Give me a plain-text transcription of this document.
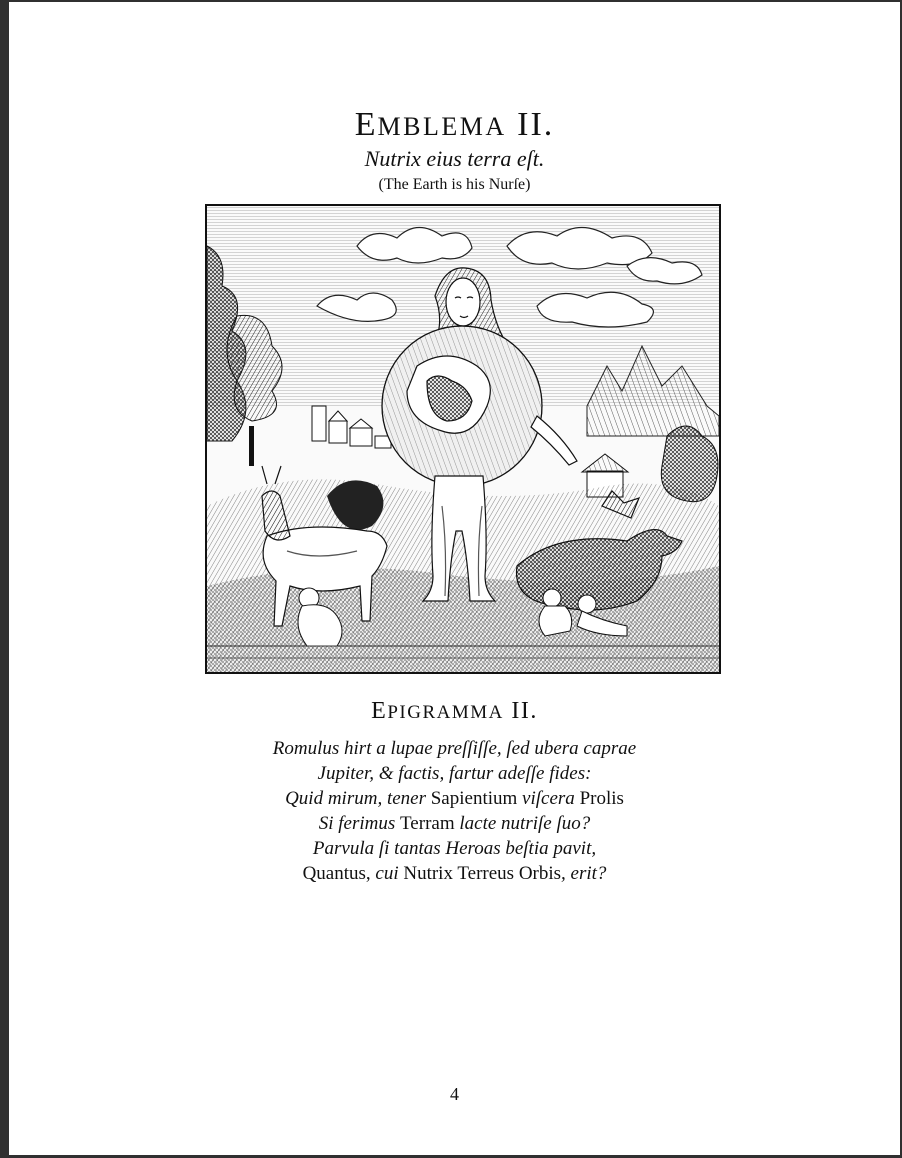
EMBLEMA II.
Nutrix eius terra eſt.
(The Earth is his Nurſe)
EPIGRAMMA II.
Romulus hirt a lupae preſſiſſe, ſed ubera caprae
Jupiter, & factis, fartur adeſſe fides:
Quid mirum, tener Sapientium viſcera Prolis
Si ferimus Terram lacte nutriſe ſuo?
Parvula ſi tantas Heroas beſtia pavit,
Quantus, cui Nutrix Terreus Orbis, erit?
4
